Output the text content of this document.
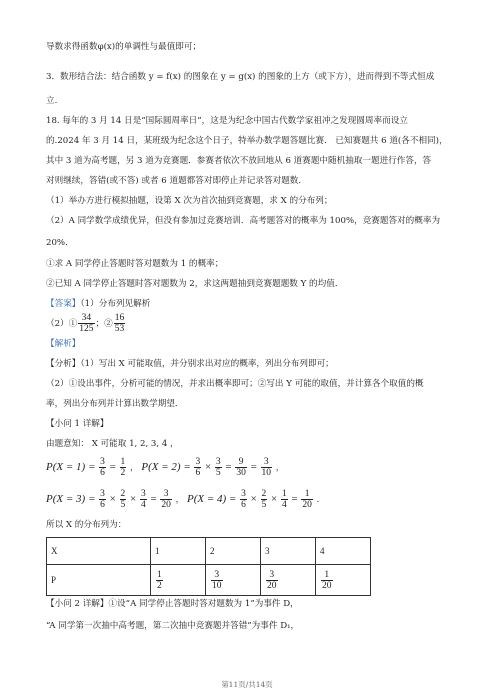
导数求得函数φ(x)的单调性与最值即可；
3．数形结合法：结合函数 y = f(x) 的图象在 y = g(x) 的图象的上方（或下方），进而得到不等式恒成
立.
18. 每年的 3 月 14 日是“国际圆周率日”，这是为纪念中国古代数学家祖冲之发现圆周率而设立
的.2024 年 3 月 14 日，某班级为纪念这个日子，特举办数学题答题比赛． 已知赛题共 6 道(各不相同)，
其中 3 道为高考题，另 3 道为竞赛题．参赛者依次不放回地从 6 道赛题中随机抽取一题进行作答，答
对则继续，答错(或不答) 或者 6 道题都答对即停止并记录答对题数．
（1）举办方进行模拟抽题，设第 X 次为首次抽到竞赛题，求 X 的分布列；
（2）A 同学数学成绩优异，但没有参加过竞赛培训．高考题答对的概率为 100%，竞赛题答对的概率为
20%．
①求 A 同学停止答题时答对题数为 1 的概率；
②已知 A 同学停止答题时答对题数为 2，求这两题抽到竞赛题题数 Y 的均值．
【答案】（1）分布列见解析
（2）① $\frac{34}{125}$ ；② $\frac{16}{53}$
【解析】
【分析】（1）写出 X 可能取值，并分别求出对应的概率，列出分布列即可；
（2）①设出事件，分析可能的情况，并求出概率即可；②写出 Y 可能的取值，并计算各个取值的概
率，列出分布列并计算出数学期望．
【小问 1 详解】
由题意知： X 可能取 1, 2, 3, 4 ，
$P(X = 1) = \frac{3}{6} = \frac{1}{2}$ ， $P(X = 2) = \frac{3}{6} \times \frac{3}{5} = \frac{9}{30} = \frac{3}{10}$ ，
$P(X = 3) = \frac{3}{6} \times \frac{2}{5} \times \frac{3}{4} = \frac{3}{20}$ ， $P(X = 4) = \frac{3}{6} \times \frac{2}{5} \times \frac{1}{4} = \frac{1}{20}$ .
所以 X 的分布列为：
X	1	2	3	4
P	$\frac{1}{2}$	$\frac{3}{10}$	$\frac{3}{20}$	$\frac{1}{20}$
【小问 2 详解】①设“A 同学停止答题时答对题数为 1”为事件 D，
“A 同学第一次抽中高考题，第二次抽中竞赛题并答错”为事件 D₁，
第11页/共14页
